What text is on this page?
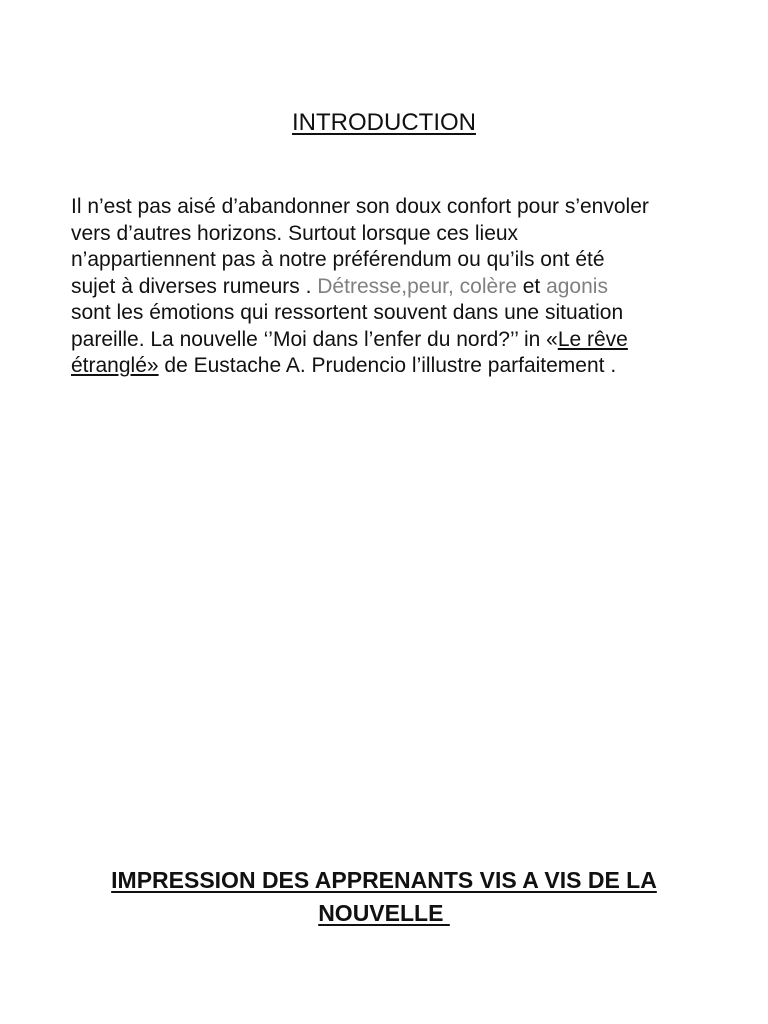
INTRODUCTION

Il n’est pas aisé d’abandonner son doux confort pour s’envoler
vers d’autres horizons. Surtout lorsque ces lieux
n’appartiennent pas à notre préférendum ou qu’ils ont été
sujet à diverses rumeurs . Détresse,peur, colère et agonis
sont les émotions qui ressortent souvent dans une situation
pareille. La nouvelle ‘’Moi dans l’enfer du nord?’’ in «Le rêve
étranglé» de Eustache A. Prudencio l’illustre parfaitement .

IMPRESSION DES APPRENANTS VIS A VIS DE LA
NOUVELLE
